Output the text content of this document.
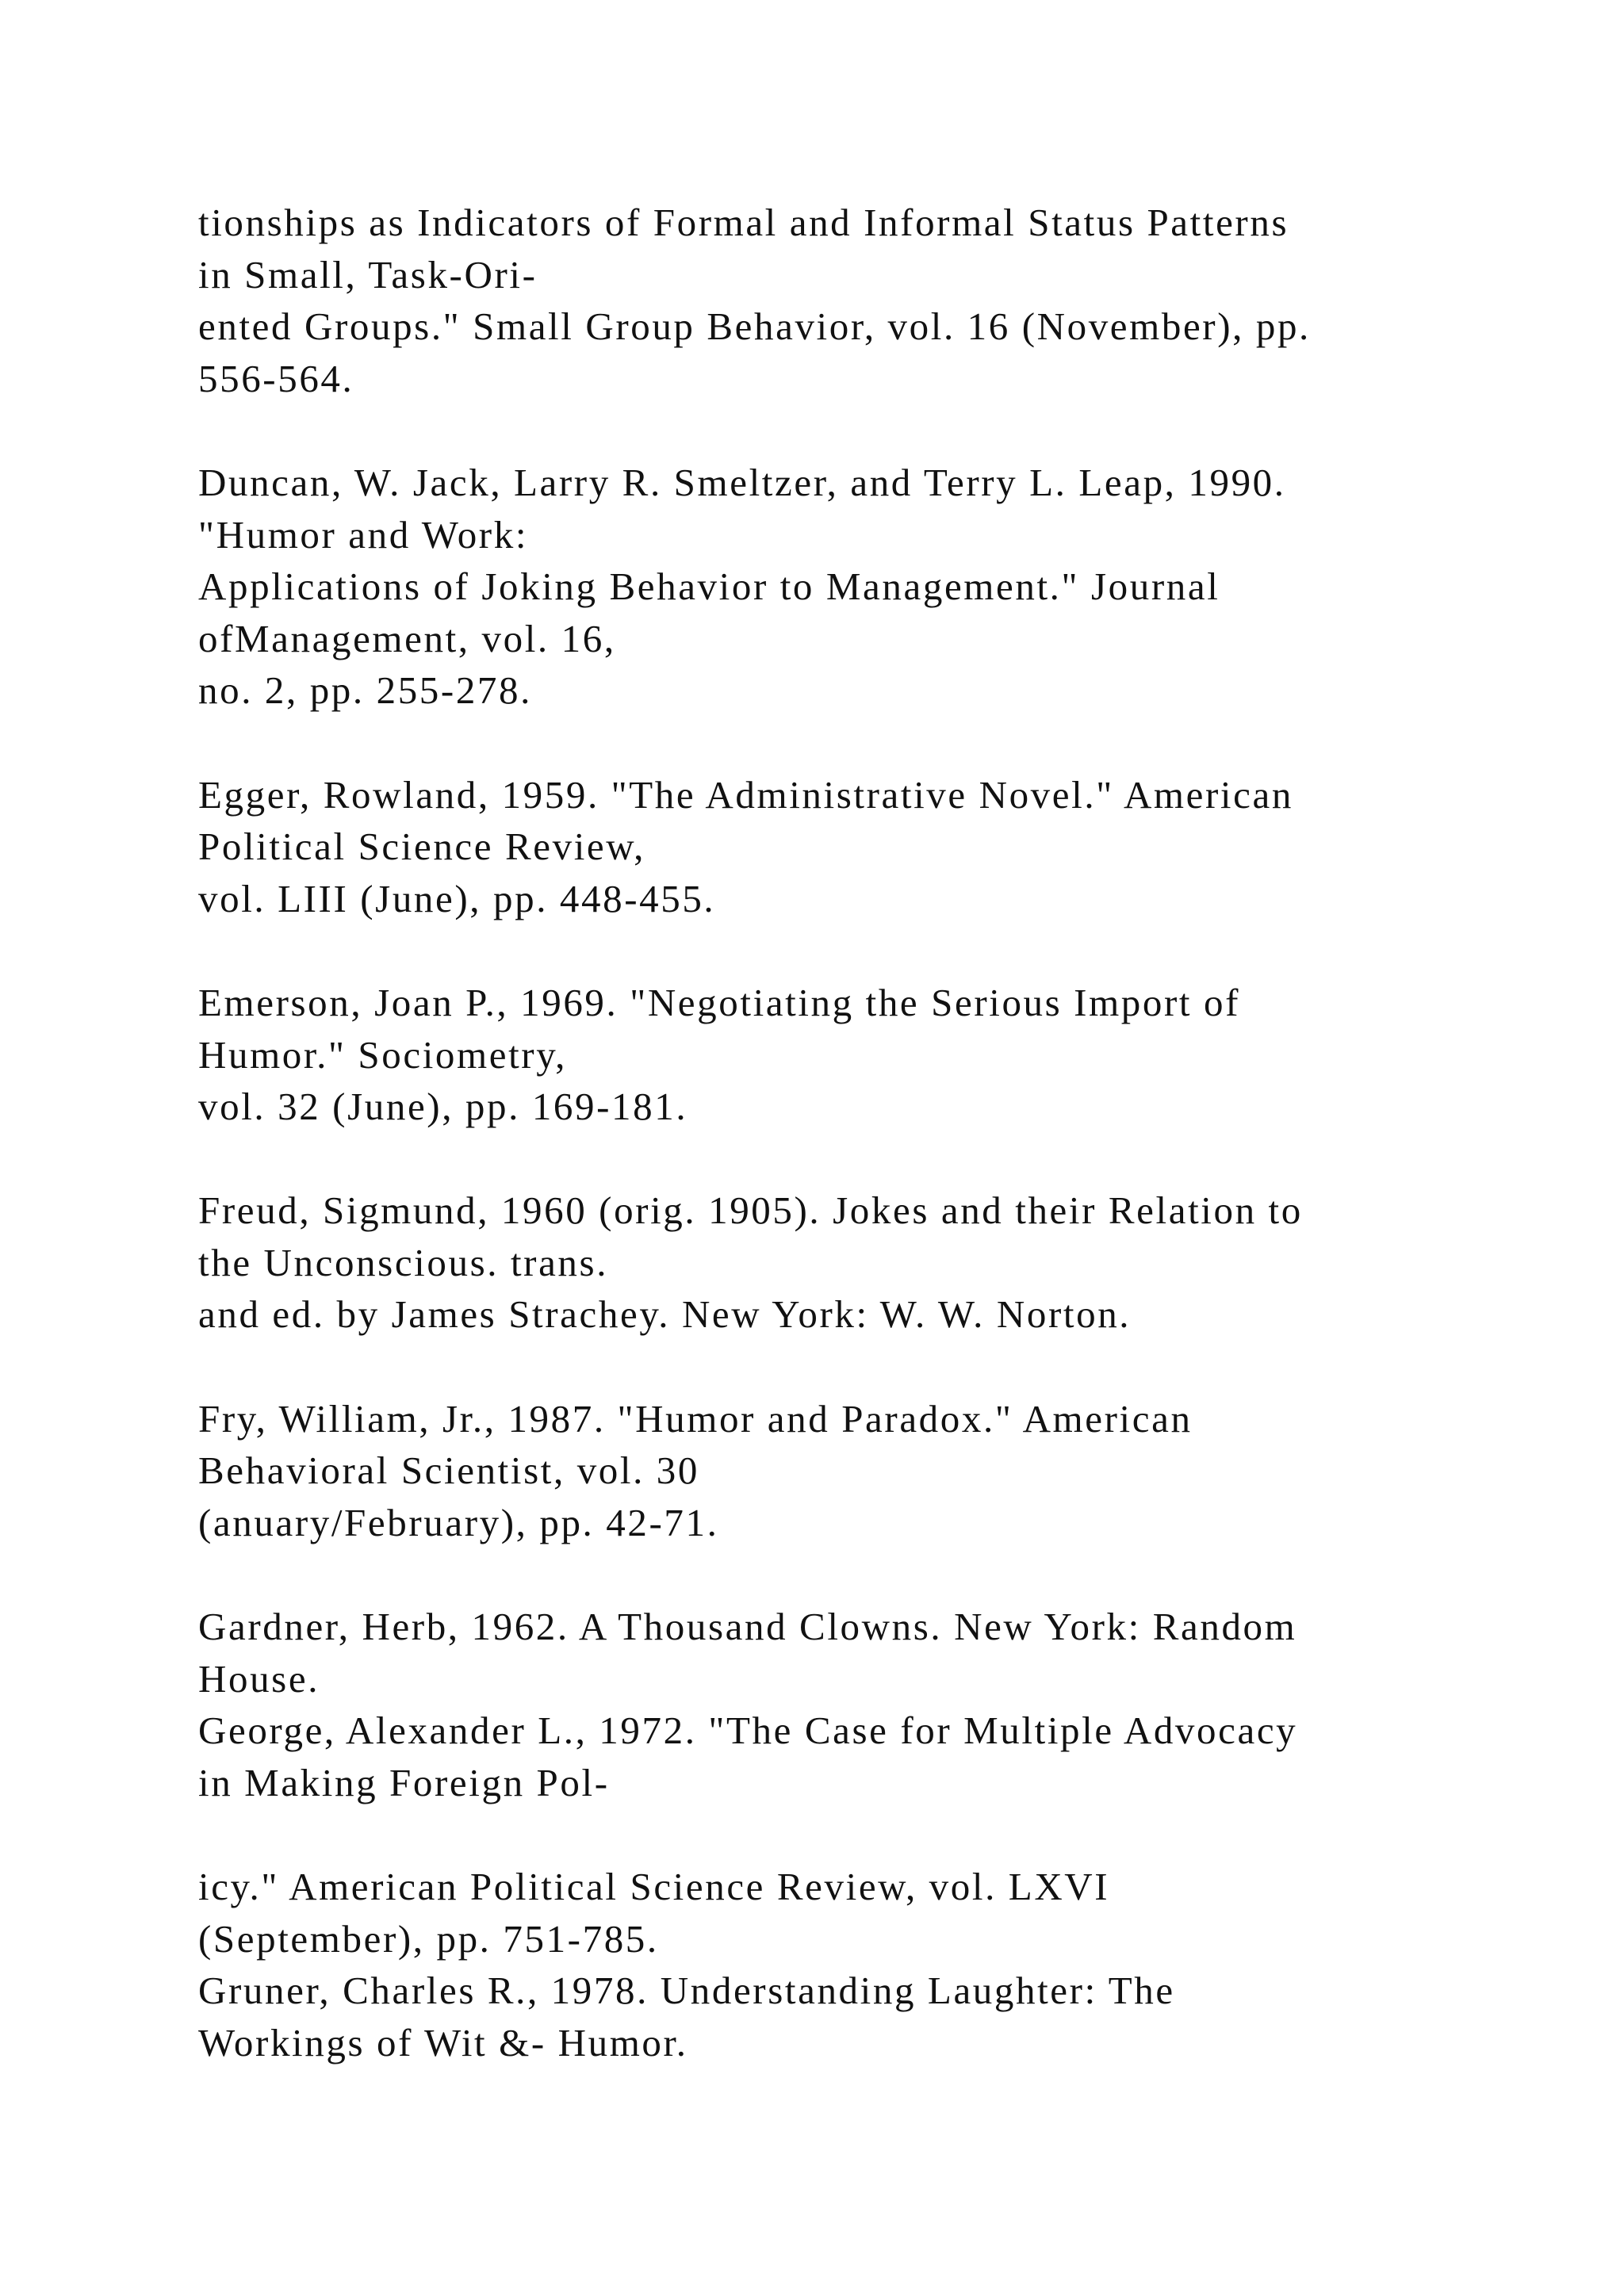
tionships as Indicators of Formal and Informal Status Patterns
in Small, Task-Ori-
ented Groups." Small Group Behavior, vol. 16 (November), pp.
556-564.
Duncan, W. Jack, Larry R. Smeltzer, and Terry L. Leap, 1990.
"Humor and Work:
Applications of Joking Behavior to Management." Journal
ofManagement, vol. 16,
no. 2, pp. 255-278.
Egger, Rowland, 1959. "The Administrative Novel." American
Political Science Review,
vol. LIII (June), pp. 448-455.
Emerson, Joan P., 1969. "Negotiating the Serious Import of
Humor." Sociometry,
vol. 32 (June), pp. 169-181.
Freud, Sigmund, 1960 (orig. 1905). Jokes and their Relation to
the Unconscious. trans.
and ed. by James Strachey. New York: W. W. Norton.
Fry, William, Jr., 1987. "Humor and Paradox." American
Behavioral Scientist, vol. 30
(anuary/February), pp. 42-71.
Gardner, Herb, 1962. A Thousand Clowns. New York: Random
House.
George, Alexander L., 1972. "The Case for Multiple Advocacy
in Making Foreign Pol-
icy." American Political Science Review, vol. LXVI
(September), pp. 751-785.
Gruner, Charles R., 1978. Understanding Laughter: The
Workings of Wit &- Humor.
